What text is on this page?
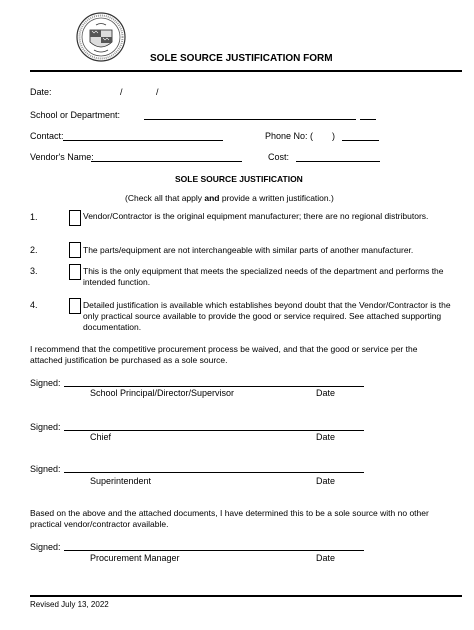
SOLE SOURCE JUSTIFICATION FORM
Date:	/	/
School or Department:
Contact:	Phone No: ( )
Vendor's Name:	Cost:
SOLE SOURCE JUSTIFICATION
(Check all that apply and provide a written justification.)
1.	Vendor/Contractor is the original equipment manufacturer; there are no regional distributors.
2.	The parts/equipment are not interchangeable with similar parts of another manufacturer.
3.	This is the only equipment that meets the specialized needs of the department and performs the intended function.
4.	Detailed justification is available which establishes beyond doubt that the Vendor/Contractor is the only practical source available to provide the good or service required. See attached supporting documentation.
I recommend that the competitive procurement process be waived, and that the good or service per the attached justification be purchased as a sole source.
Signed:
School Principal/Director/Supervisor	Date
Signed:
Chief	Date
Signed:
Superintendent	Date
Based on the above and the attached documents, I have determined this to be a sole source with no other practical vendor/contractor available.
Signed:
Procurement Manager	Date
Revised July 13, 2022
